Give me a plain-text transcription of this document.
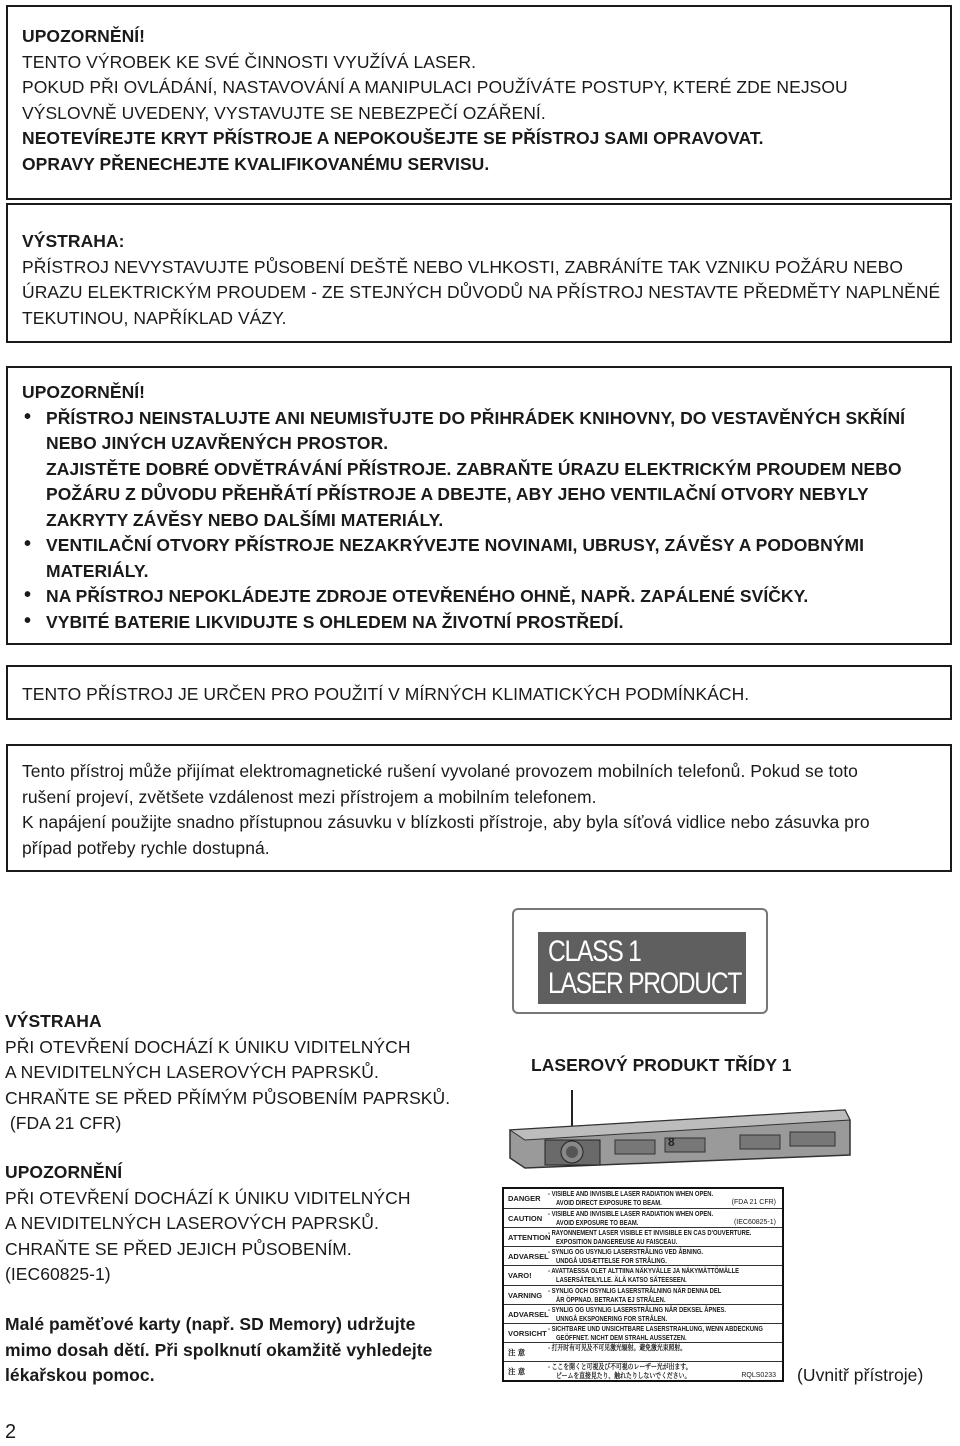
UPOZORNĚNÍ!
TENTO VÝROBEK KE SVÉ ČINNOSTI VYUŽÍVÁ LASER.
POKUD PŘI OVLÁDÁNÍ, NASTAVOVÁNÍ A MANIPULACI POUŽÍVÁTE POSTUPY, KTERÉ ZDE NEJSOU
VÝSLOVNĚ UVEDENY, VYSTAVUJTE SE NEBEZPEČÍ OZÁŘENÍ.
NEOTEVÍREJTE KRYT PŘÍSTROJE A NEPOKOUŠEJTE SE PŘÍSTROJ SAMI OPRAVOVAT.
OPRAVY PŘENECHEJTE KVALIFIKOVANÉMU SERVISU.
VÝSTRAHA:
PŘÍSTROJ NEVYSTAVUJTE PŮSOBENÍ DEŠTĚ NEBO VLHKOSTI, ZABRÁNÍTE TAK VZNIKU POŽÁRU NEBO
ÚRAZU ELEKTRICKÝM PROUDEM - ZE STEJNÝCH DŮVODŮ NA PŘÍSTROJ NESTAVTE PŘEDMĚTY NAPLNĚNÉ
TEKUTINOU, NAPŘÍKLAD VÁZY.
UPOZORNĚNÍ!
• PŘÍSTROJ NEINSTALUJTE ANI NEUMISŤUJTE DO PŘIHRÁDEK KNIHOVNY, DO VESTAVĚNÝCH SKŘÍNÍ
NEBO JINÝCH UZAVŘENÝCH PROSTOR.
ZAJISTĚTE DOBRÉ ODVĚTRÁVÁNÍ PŘÍSTROJE. ZABRAŇTE ÚRAZU ELEKTRICKÝM PROUDEM NEBO
POŽÁRU Z DŮVODU PŘEHŘÁTÍ PŘÍSTROJE A DBEJTE, ABY JEHO VENTILAČNÍ OTVORY NEBYLY
ZAKRYTY ZÁVĚSY NEBO DALŠÍMI MATERIÁLY.
• VENTILAČNÍ OTVORY PŘÍSTROJE NEZAKRÝVEJTE NOVINAMI, UBRUSY, ZÁVĚSY A PODOBNÝMI
MATERIÁLY.
• NA PŘÍSTROJ NEPOKLÁDEJTE ZDROJE OTEVŘENÉHO OHNĚ, NAPŘ. ZAPÁLENÉ SVÍČKY.
• VYBITÉ BATERIE LIKVIDUJTE S OHLEDEM NA ŽIVOTNÍ PROSTŘEDÍ.
TENTO PŘÍSTROJ JE URČEN PRO POUŽITÍ V MÍRNÝCH KLIMATICKÝCH PODMÍNKÁCH.
Tento přístroj může přijímat elektromagnetické rušení vyvolané provozem mobilních telefonů. Pokud se toto
rušení projeví, zvětšete vzdálenost mezi přístrojem a mobilním telefonem.
K napájení použijte snadno přístupnou zásuvku v blízkosti přístroje, aby byla síťová vidlice nebo zásuvka pro
případ potřeby rychle dostupná.
VÝSTRAHA
PŘI OTEVŘENÍ DOCHÁZÍ K ÚNIKU VIDITELNÝCH
A NEVIDITELNÝCH LASEROVÝCH PAPRSKŮ.
CHRAŇTE SE PŘED PŘÍMÝM PŮSOBENÍM PAPRSKŮ.
(FDA 21 CFR)
UPOZORNĚNÍ
PŘI OTEVŘENÍ DOCHÁZÍ K ÚNIKU VIDITELNÝCH
A NEVIDITELNÝCH LASEROVÝCH PAPRSKŮ.
CHRAŇTE SE PŘED JEJICH PŮSOBENÍM.
(IEC60825-1)
Malé paměťové karty (např. SD Memory) udržujte
mimo dosah dětí. Při spolknutí okamžitě vyhledejte
lékařskou pomoc.
CLASS 1
LASER PRODUCT
LASEROVÝ PRODUKT TŘÍDY 1
8
DANGER
- VISIBLE AND INVISIBLE LASER RADIATION WHEN OPEN.
AVOID DIRECT EXPOSURE TO BEAM.	(FDA 21 CFR)
CAUTION
- VISIBLE AND INVISIBLE LASER RADIATION WHEN OPEN.
AVOID EXPOSURE TO BEAM.	(IEC60825-1)
ATTENTION
- RAYONNEMENT LASER VISIBLE ET INVISIBLE EN CAS D'OUVERTURE.
EXPOSITION DANGEREUSE AU FAISCEAU.
ADVARSEL
- SYNLIG OG USYNLIG LASERSTRÅLING VED ÅBNING.
UNDGÅ UDSÆTTELSE FOR STRÅLING.
VARO!
- AVATTAESSA OLET ALTTIINA NÄKYVÄLLE JA NÄKYMÄTTÖMÄLLE
LASERSÄTEILYLLE. ÄLÄ KATSO SÄTEESEEN.
VARNING
- SYNLIG OCH OSYNLIG LASERSTRÅLNING NÄR DENNA DEL
ÄR ÖPPNAD. BETRAKTA EJ STRÅLEN.
ADVARSEL
- SYNLIG OG USYNLIG LASERSTRÅLING NÅR DEKSEL ÅPNES.
UNNGÅ EKSPONERING FOR STRÅLEN.
VORSICHT
- SICHTBARE UND UNSICHTBARE LASERSTRAHLUNG, WENN ABDECKUNG
GEÖFFNET. NICHT DEM STRAHL AUSSETZEN.
注 意
- 打开时有可见及不可见激光辐射。避免激光束照射。
注 意
- ここを開くと可視及び不可視のレーザー光が出ます。
ビームを直接見たり、触れたりしないでください。	RQLS0233 (Uvnitř přístroje)
2
